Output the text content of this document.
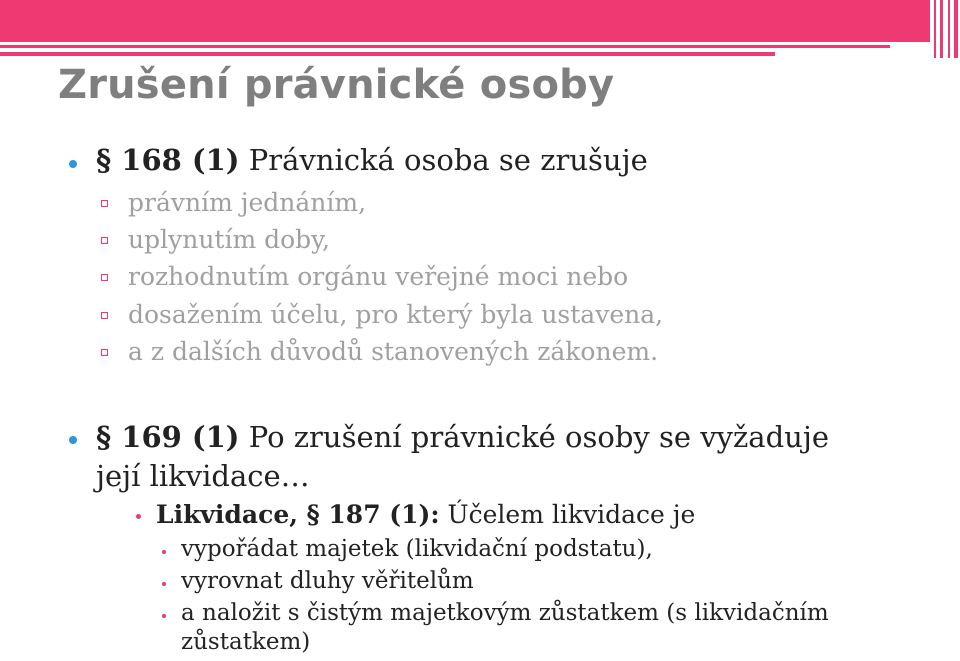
Zrušení právnické osoby
§ 168 (1) Právnická osoba se zrušuje
právním jednáním,
uplynutím doby,
rozhodnutím orgánu veřejné moci nebo
dosažením účelu, pro který byla ustavena,
a z dalších důvodů stanovených zákonem.
§ 169 (1) Po zrušení právnické osoby se vyžaduje
její likvidace…
Likvidace, § 187 (1): Účelem likvidace je
vypořádat majetek (likvidační podstatu),
vyrovnat dluhy věřitelům
a naložit s čistým majetkovým zůstatkem (s likvidačním
zůstatkem)
